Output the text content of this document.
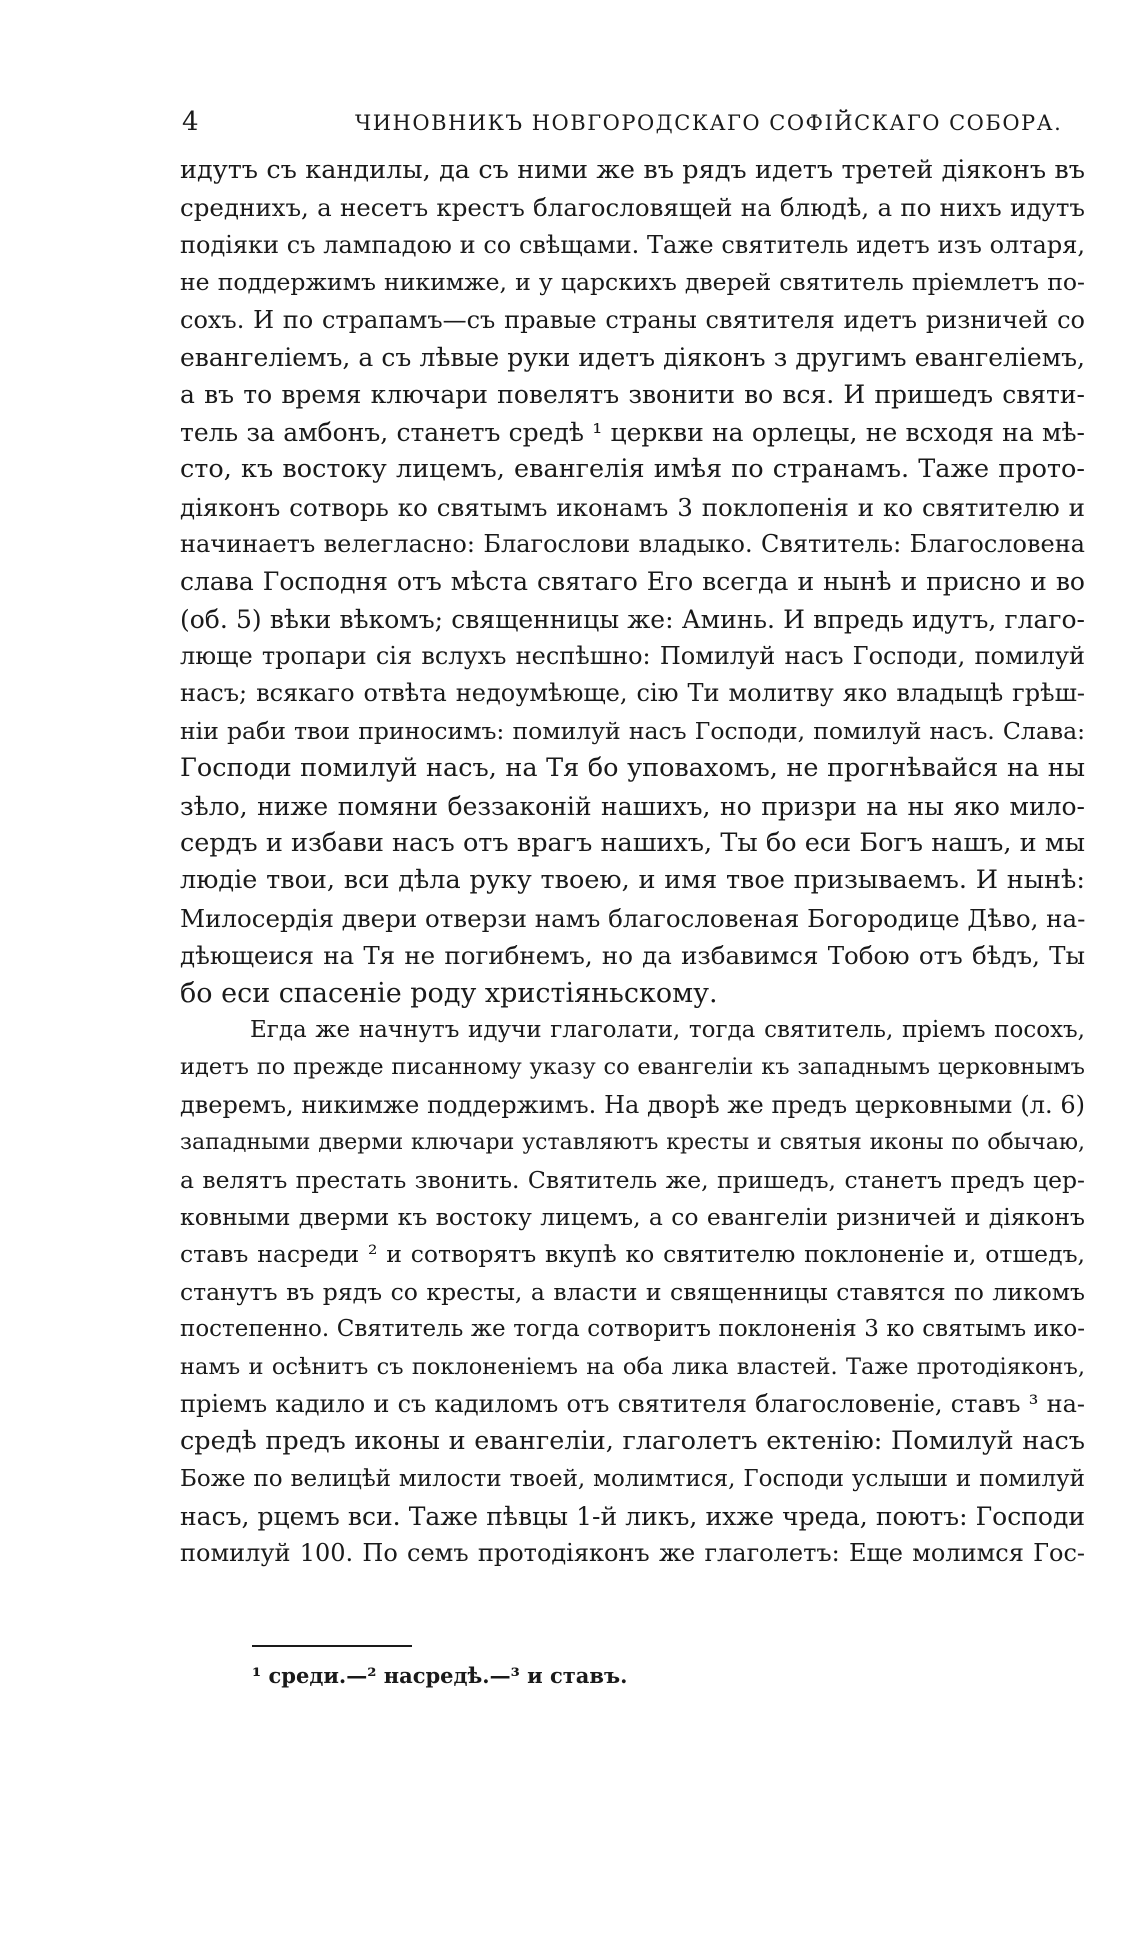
4	ЧИНОВНИКЪ НОВГОРОДСКАГО СОФІЙСКАГО СОБОРА.
идутъ съ кандилы, да съ ними же въ рядъ идетъ третей діяконъ въ
среднихъ, а несетъ крестъ благословящей на блюдѣ, а по нихъ идутъ
подіяки съ лампадою и со свѣщами. Таже святитель идетъ изъ олтаря,
не поддержимъ никимже, и у царскихъ дверей святитель пріемлетъ по-
сохъ. И по страпамъ—съ правые страны святителя идетъ ризничей со
евангеліемъ, а съ лѣвые руки идетъ діяконъ з другимъ евангеліемъ,
а въ то время ключари повелятъ звонити во вся. И пришедъ святи-
тель за амбонъ, станетъ средѣ ¹ церкви на орлецы, не всходя на мѣ-
сто, къ востоку лицемъ, евангелія имѣя по странамъ. Таже прото-
діяконъ сотворь ко святымъ иконамъ 3 поклопенія и ко святителю и
начинаетъ велегласно: Благослови владыко. Святитель: Благословена
слава Господня отъ мѣста святаго Его всегда и нынѣ и присно и во
(об. 5) вѣки вѣкомъ; священницы же: Аминь. И впредь идутъ, глаго-
люще тропари сія вслухъ неспѣшно: Помилуй насъ Господи, помилуй
насъ; всякаго отвѣта недоумѣюще, сію Ти молитву яко владыцѣ грѣш-
ніи раби твои приносимъ: помилуй насъ Господи, помилуй насъ. Слава:
Господи помилуй насъ, на Тя бо уповахомъ, не прогнѣвайся на ны
зѣло, ниже помяни беззаконій нашихъ, но призри на ны яко мило-
сердъ и избави насъ отъ врагъ нашихъ, Ты бо еси Богъ нашъ, и мы
людіе твои, вси дѣла руку твоею, и имя твое призываемъ. И нынѣ:
Милосердія двери отверзи намъ благословеная Богородице Дѣво, на-
дѣющеися на Тя не погибнемъ, но да избавимся Тобою отъ бѣдъ, Ты
бо еси спасеніе роду христіяньскому.
Егда же начнутъ идучи глаголати, тогда святитель, пріемъ посохъ,
идетъ по прежде писанному указу со евангеліи къ западнымъ церковнымъ
дверемъ, никимже поддержимъ. На дворѣ же предъ церковными (л. 6)
западными дверми ключари уставляютъ кресты и святыя иконы по обычаю,
а велятъ престать звонить. Святитель же, пришедъ, станетъ предъ цер-
ковными дверми къ востоку лицемъ, а со евангеліи ризничей и діяконъ
ставъ насреди ² и сотворятъ вкупѣ ко святителю поклоненіе и, отшедъ,
станутъ въ рядъ со кресты, а власти и священницы ставятся по ликомъ
постепенно. Святитель же тогда сотворитъ поклоненія 3 ко святымъ ико-
намъ и осѣнитъ съ поклоненіемъ на оба лика властей. Таже протодіяконъ,
пріемъ кадило и съ кадиломъ отъ святителя благословеніе, ставъ ³ на-
средѣ предъ иконы и евангеліи, глаголетъ ектенію: Помилуй насъ
Боже по велицѣй милости твоей, молимтися, Господи услыши и помилуй
насъ, рцемъ вси. Таже пѣвцы 1-й ликъ, ихже чреда, поютъ: Господи
помилуй 100. По семъ протодіяконъ же глаголетъ: Еще молимся Гос-
¹ среди.—² насредѣ.—³ и ставъ.
